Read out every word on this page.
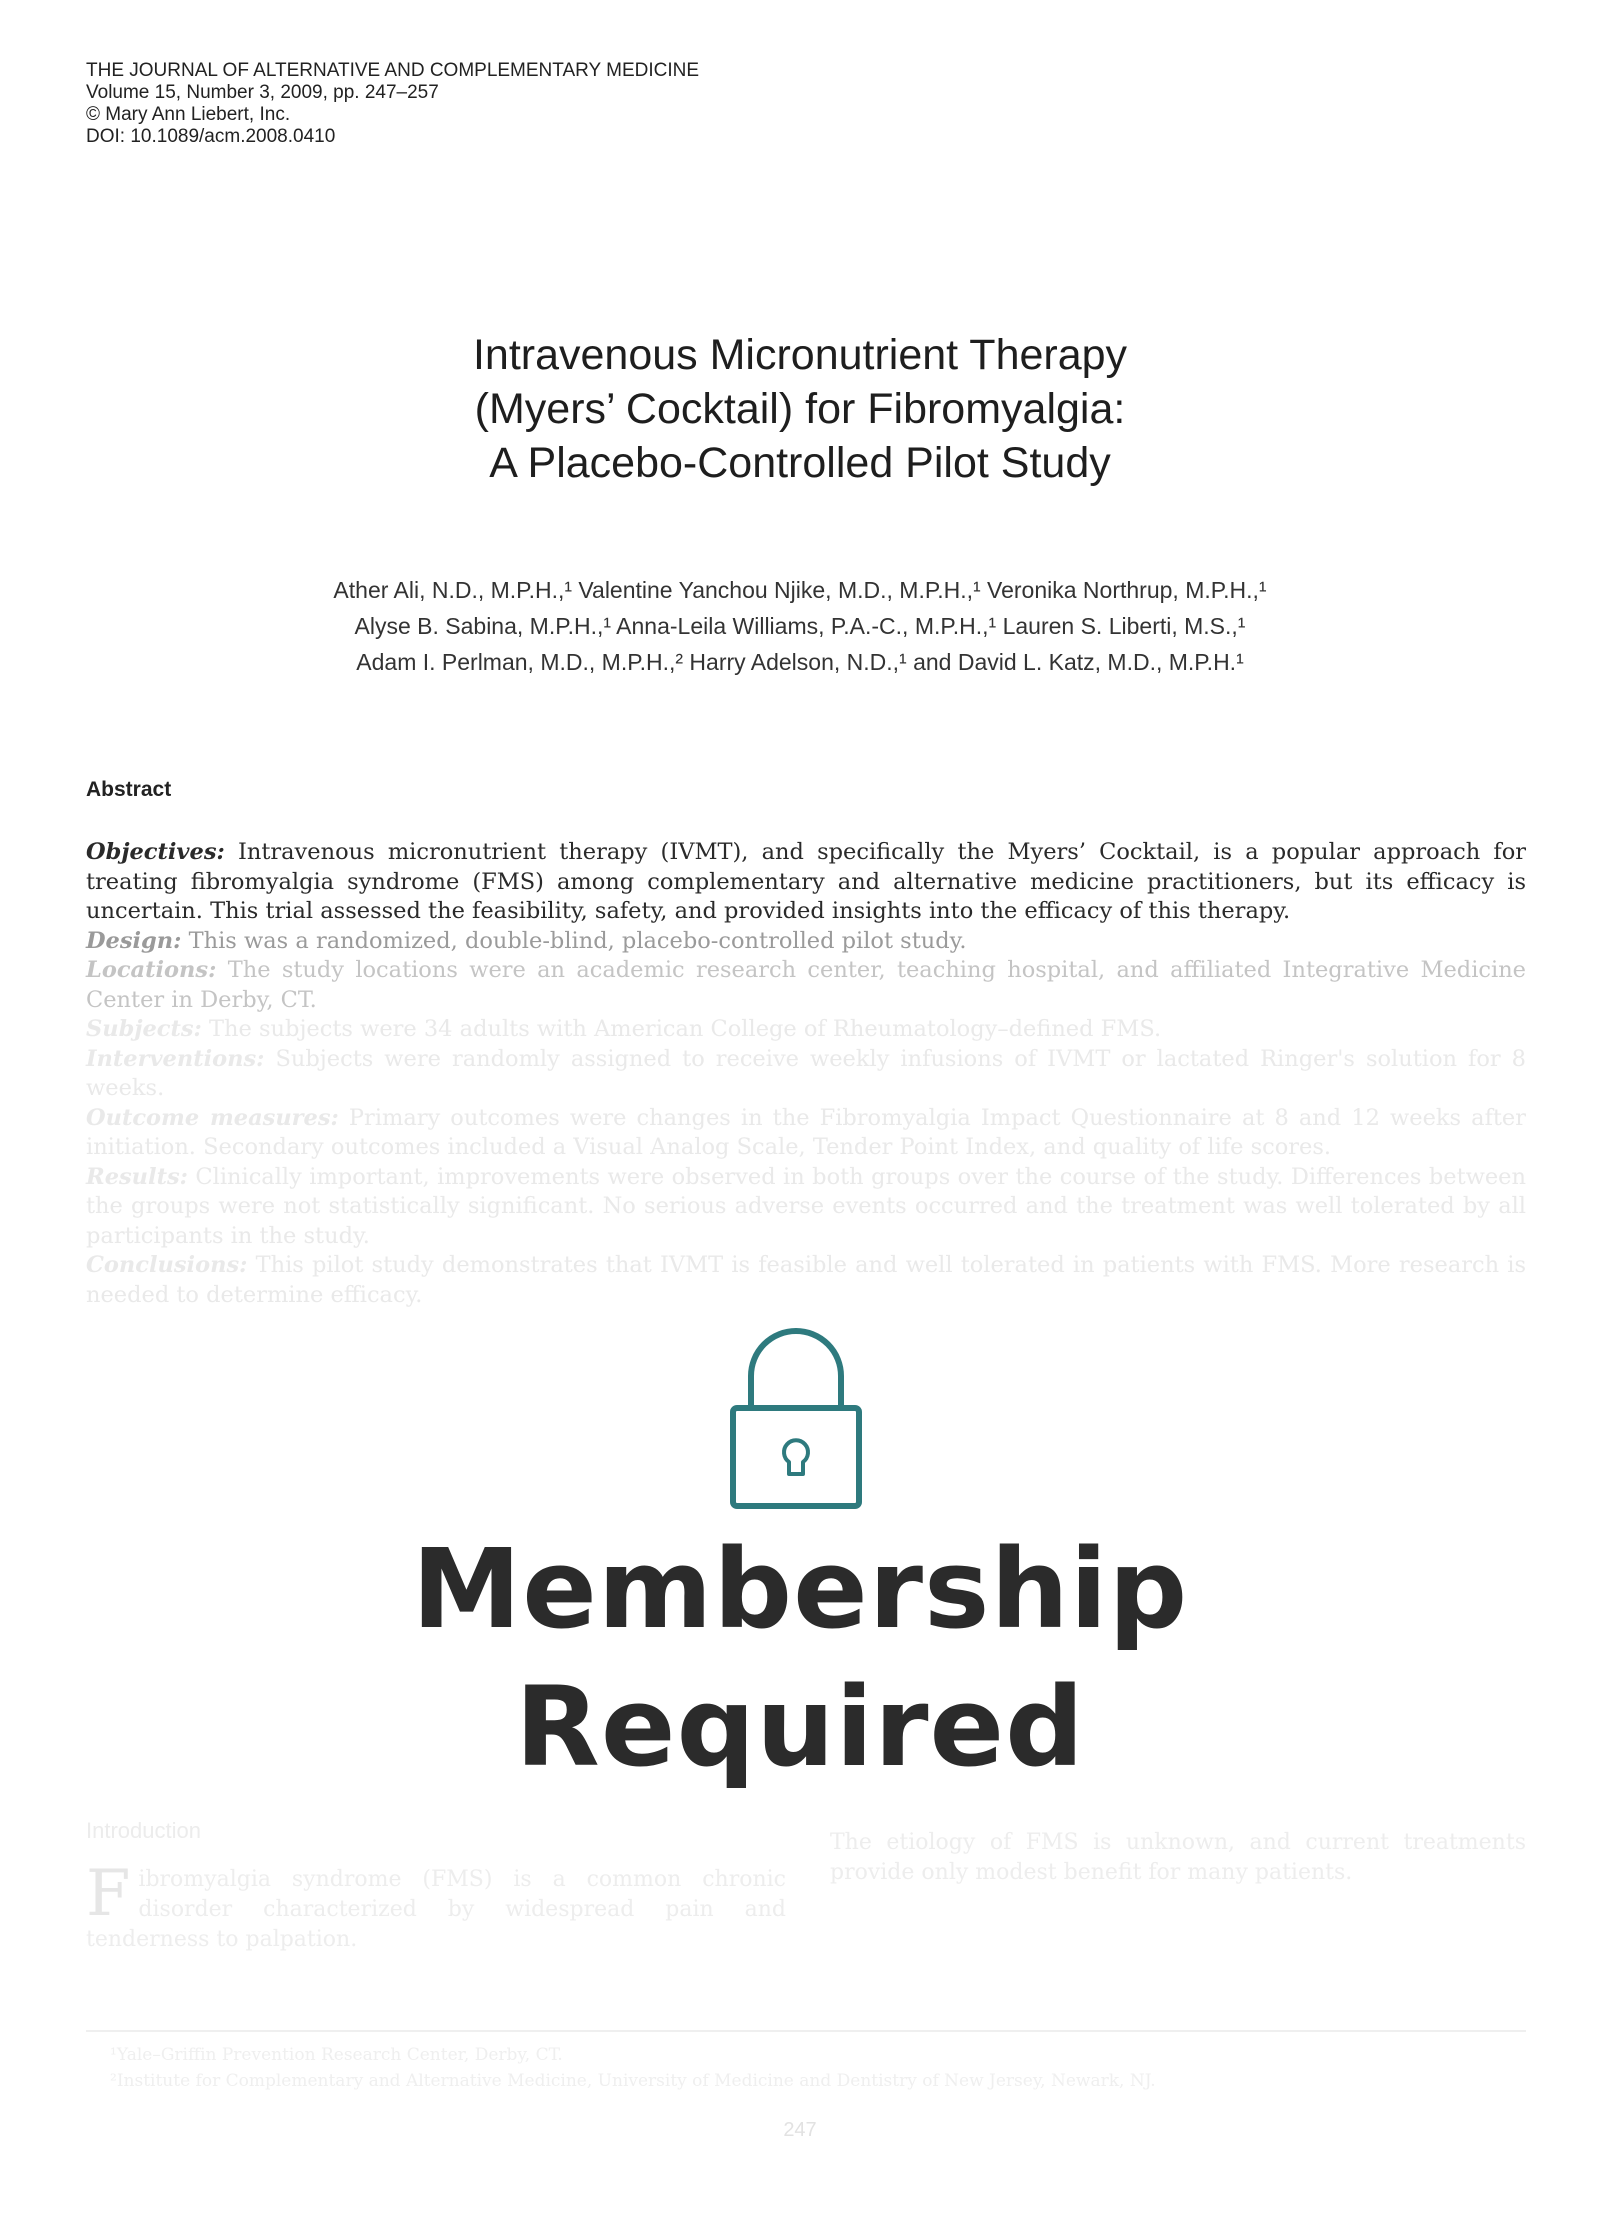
THE JOURNAL OF ALTERNATIVE AND COMPLEMENTARY MEDICINE
Volume 15, Number 3, 2009, pp. 247–257
© Mary Ann Liebert, Inc.
DOI: 10.1089/acm.2008.0410
Intravenous Micronutrient Therapy
(Myers’ Cocktail) for Fibromyalgia:
A Placebo-Controlled Pilot Study
Ather Ali, N.D., M.P.H.,¹ Valentine Yanchou Njike, M.D., M.P.H.,¹ Veronika Northrup, M.P.H.,¹
Alyse B. Sabina, M.P.H.,¹ Anna-Leila Williams, P.A.-C., M.P.H.,¹ Lauren S. Liberti, M.S.,¹
Adam I. Perlman, M.D., M.P.H.,² Harry Adelson, N.D.,¹ and David L. Katz, M.D., M.P.H.¹
Abstract

Objectives: Intravenous micronutrient therapy (IVMT), and specifically the Myers’ Cocktail, is a popular approach for treating fibromyalgia syndrome (FMS) among complementary and alternative medicine practitioners, but its efficacy is uncertain. This trial assessed the feasibility, safety, and provided insights into the efficacy of this therapy.

Design: This was a randomized, double-blind, placebo-controlled pilot study.

Locations: The study locations were an academic research center, teaching hospital, and affiliated Integrative Medicine Center in Derby, CT.

Subjects: The subjects were 34 adults with American College of Rheumatology–defined FMS.

Interventions: Subjects were randomly assigned to receive weekly infusions of IVMT or lactated Ringer's solution for 8 weeks.

Outcome measures: Primary outcomes were changes in the Fibromyalgia Impact Questionnaire at 8 and 12 weeks after initiation. Secondary outcomes included a Visual Analog Scale, Tender Point Index, and quality of life scores.

Results: Clinically important, improvements were observed in both groups over the course of the study. Differences between the groups were not statistically significant. No serious adverse events occurred and the treatment was well tolerated by all participants in the study.

Conclusions: This pilot study demonstrates that IVMT is feasible and well tolerated in patients with FMS. More research is needed to determine efficacy.

Introduction
F ibromyalgia syndrome (FMS) is a common chronic disorder characterized by widespread pain and tenderness to palpation.
The etiology of FMS is unknown, and current treatments provide only modest benefit for many patients.
¹Yale–Griffin Prevention Research Center, Derby, CT.
²Institute for Complementary and Alternative Medicine, University of Medicine and Dentistry of New Jersey, Newark, NJ.
247
Membership
Required
